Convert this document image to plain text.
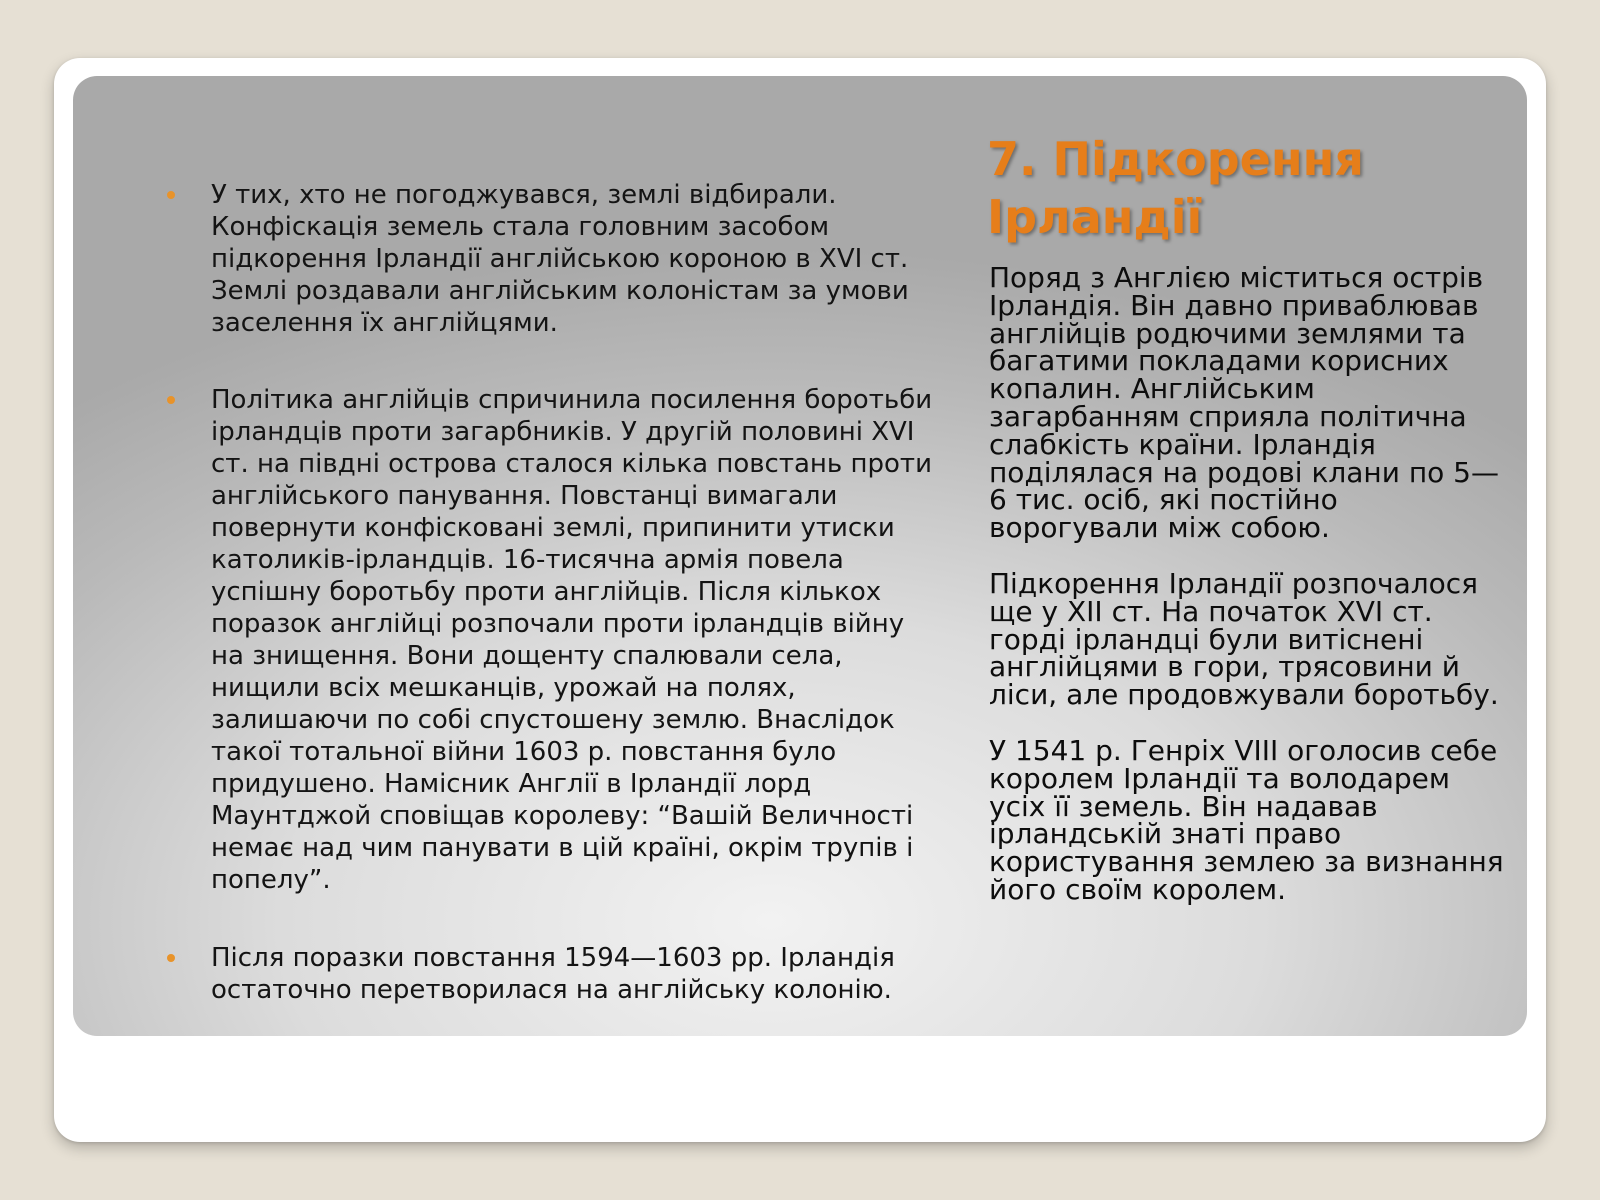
У тих, хто не погоджувався, землі відбирали. Конфіскація земель стала головним засобом підкорення Ірландії англійською короною в XVI ст. Землі роздавали англійським колоністам за умови заселення їх англійцями.
Політика англійців спричинила посилення боротьби ірландців проти загарбників. У другій половині XVI ст. на півдні острова сталося кілька повстань проти англійського панування. Повстанці вимагали повернути конфісковані землі, припинити утиски католиків-ірландців. 16-тисячна армія повела успішну боротьбу проти англійців. Після кількох поразок англійці розпочали проти ірландців війну на знищення. Вони дощенту спалювали села, нищили всіх мешканців, урожай на полях, залишаючи по собі спустошену землю. Внаслідок такої тотальної війни 1603 р. повстання було придушено. Намісник Англії в Ірландії лорд Маунтджой сповіщав королеву: “Вашій Величності немає над чим панувати в цій країні, окрім трупів і попелу”.
Після поразки повстання 1594—1603 рр. Ірландія остаточно перетворилася на англійську колонію.
7. Підкорення Ірландії

Поряд з Англією міститься острів Ірландія. Він давно приваблював англійців родючими землями та багатими покладами корисних копалин. Англійським загарбанням сприяла політична слабкість країни. Ірландія поділялася на родові клани по 5—6 тис. осіб, які постійно ворогували між собою.

Підкорення Ірландії розпочалося ще у XII ст. На початок XVI ст. горді ірландці були витіснені англійцями в гори, трясовини й ліси, але продовжували боротьбу.

У 1541 р. Генріх VIII оголосив себе королем Ірландії та володарем усіх її земель. Він надавав ірландській знаті право користування землею за визнання його своїм королем.
